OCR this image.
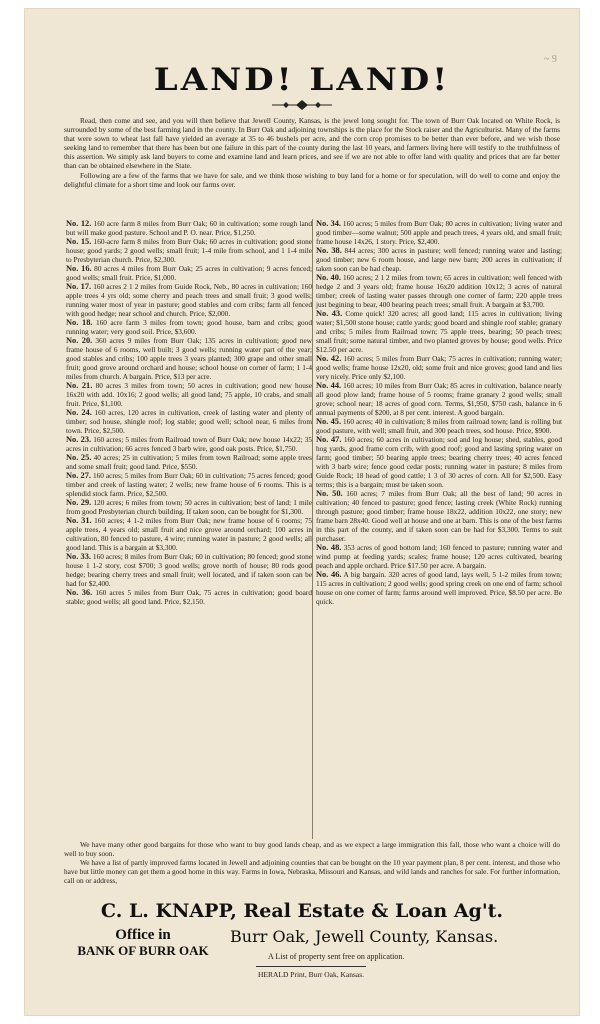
~ 9
LAND! LAND!

Read, then come and see, and you will then believe that Jewell County, Kansas, is the jewel long sought for. The town of Burr Oak located on White Rock, is surrounded by some of the best farming land in the county. In Burr Oak and adjoining townships is the place for the Stock raiser and the Agriculturist. Many of the farms that were sown to wheat last fall have yielded an average at 35 to 46 bushels per acre, and the corn crop promises to be better than ever before, and we wish those seeking land to remember that there has been but one failure in this part of the county during the last 10 years, and farmers living here will testify to the truthfulness of this assertion. We simply ask land buyers to come and examine land and learn prices, and see if we are not able to offer land with quality and prices that are far better than can be obtained elsewhere in the State.

Following are a few of the farms that we have for sale, and we think those wishing to buy land for a home or for speculation, will do well to come and enjoy the delightful climate for a short time and look our farms over.

No. 12. 160 acre farm 8 miles from Burr Oak; 60 in cultivation; some rough land but will make good pasture. School and P. O. near. Price, $1,250.

No. 15. 160-acre farm 8 miles from Burr Oak; 60 acres in cultivation; good stone house; good yards; 2 good wells; small fruit; 1-4 mile from school, and 1 1-4 mile to Presbyterian church. Price, $2,300.

No. 16. 80 acres 4 miles from Burr Oak; 25 acres in cultivation; 9 acres fenced; good wells; small fruit. Price, $1,000.

No. 17. 160 acres 2 1 2 miles from Guide Rock, Neb., 80 acres in cultivation; 160 apple trees 4 yrs old; some cherry and peach trees and small fruit; 3 good wells; running water most of year in pasture; good stables and corn cribs; farm all fenced with good hedge; near school and church. Price, $2,000.

No. 18. 160 acre farm 3 miles from town; good house, barn and cribs; good running water; very good soil. Price, $3,600.

No. 20. 360 acres 9 miles from Burr Oak; 135 acres in cultivation; good new frame house of 6 rooms, well built; 3 good wells; running water part of the year; good stables and cribs; 100 apple trees 3 years planted; 300 grape and other small fruit; good grove around orchard and house; school house on corner of farm; 1 1-4 miles from church. A bargain. Price, $13 per acre.

No. 21. 80 acres 3 miles from town; 50 acres in cultivation; good new house 16x20 with add. 10x16; 2 good wells; all good land; 75 apple, 10 crabs, and small fruit. Price, $1,100.

No. 24. 160 acres, 120 acres in cultivation, creek of lasting water and plenty of timber; sod house, shingle roof; log stable; good well; school near, 6 miles from town. Price, $2,500.

No. 23. 160 acres; 5 miles from Railroad town of Burr Oak; new house 14x22; 35 acres in cultivation; 66 acres fenced 3 barb wire, good oak posts. Price, $1,750.

No. 25. 40 acres; 25 in cultivation; 5 miles from town Railroad; some apple trees and some small fruit; good land. Price, $550.

No. 27. 160 acres; 5 miles from Burr Oak; 60 in cultivation; 75 acres fenced; good timber and creek of lasting water; 2 wells; new frame house of 6 rooms. This is a splendid stock farm. Price, $2,500.

No. 29. 120 acres; 6 miles from town; 50 acres in cultivation; best of land; 1 mile from good Presbyterian church building. If taken soon, can be bought for $1,300.

No. 31. 160 acres; 4 1-2 miles from Burr Oak; new frame house of 6 rooms; 75 apple trees, 4 years old; small fruit and nice grove around orchard; 100 acres in cultivation, 80 fenced to pasture, 4 wire; running water in pasture; 2 good wells; all good land. This is a bargain at $3,300.

No. 33. 160 acres; 8 miles from Burr Oak; 60 in cultivation; 80 fenced; good stone house 1 1-2 story, cost $700; 3 good wells; grove north of house; 80 rods good hedge; bearing cherry trees and small fruit; well located, and if taken soon can be had for $2,400.

No. 36. 160 acres 5 miles from Burr Oak, 75 acres in cultivation; good board stable; good wells; all good land. Price, $2,150.

No. 34. 160 acres; 5 miles from Burr Oak; 80 acres in cultivation; living water and good timber—some walnut; 500 apple and peach trees, 4 years old, and small fruit; frame house 14x26, 1 story. Price, $2,400.

No. 38. 844 acres; 300 acres in pasture; well fenced; running water and lasting; good timber; new 6 room house, and large new barn; 200 acres in cultivation; if taken soon can be had cheap.

No. 40. 160 acres; 2 1 2 miles from town; 65 acres in cultivation; well fenced with hedge 2 and 3 years old; frame house 16x20 addition 10x12; 3 acres of natural timber; creek of lasting water passes through one corner of farm; 220 apple trees just begining to bear, 400 bearing peach trees; small fruit. A bargain at $3,700.

No. 43. Come quick! 320 acres; all good land; 115 acres in cultivation; living water; $1,500 stone house; cattle yards; good board and shingle roof stable; granary and cribs; 5 miles from Railroad town; 75 apple trees, bearing; 50 peach trees; small fruit; some natural timber, and two planted groves by house; good wells. Price $12.50 per acre.

No. 42. 160 acres; 5 miles from Burr Oak; 75 acres in cultivation; running water; good wells; frame house 12x20, old; some fruit and nice groves; good land and lies very nicely. Price only $2,100.

No. 44. 160 acres; 10 miles from Burr Oak; 85 acres in cultivation, balance nearly all good plow land; frame house of 5 rooms; frame granary 2 good wells; small grove; school near; 18 acres of good corn. Terms, $1,950, $750 cash, balance in 6 annual payments of $200, at 8 per cent. interest. A good bargain.

No. 45. 160 acres; 40 in cultivation; 8 miles from railroad town; land is rolling but good pasture, with well; small fruit, and 300 peach trees, sod house. Price, $900.

No. 47. 160 acres; 60 acres in cultivation; sod and log house; shed, stables, good hog yards, good frame corn crib, with good roof; good and lasting spring water on farm; good timber; 50 bearing apple trees; bearing cherry trees; 40 acres fenced with 3 barb wire; fence good cedar posts; running water in pasture; 8 miles from Guide Rock; 18 head of good cattle; 1 3 of 30 acres of corn. All for $2,500. Easy terms; this is a bargain; must be taken soon.

No. 50. 160 acres; 7 miles from Burr Oak; all the best of land; 90 acres in cultivation; 40 fenced to pasture; good fence; lasting creek (White Rock) running through pasture; good timber; frame house 18x22, addition 10x22, one story; new frame barn 28x40. Good well at house and one at barn. This is one of the best farms in this part of the county, and if taken soon can be had for $3,300. Terms to suit purchaser.

No. 48. 353 acres of good bottom land; 160 fenced to pasture; running water and wind pump at feeding yards; scales; frame house; 120 acres cultivated, bearing peach and apple orchard. Price $17.50 per acre. A bargain.

No. 46. A big bargain. 320 acres of good land, lays well, 5 1-2 miles from town; 115 acres in cultivation; 2 good wells; good spring creek on one end of farm; school house on one corner of farm; farms around well improved. Price, $8.50 per acre. Be quick.

We have many other good bargains for those who want to buy good lands cheap, and as we expect a large immigration this fall, those who want a choice will do well to buy soon.

We have a list of partly improved farms located in Jewell and adjoining counties that can be bought on the 10 year payment plan, 8 per cent. interest, and those who have but little money can get them a good home in this way. Farms in Iowa, Nebraska, Missouri and Kansas, and wild lands and ranches for sale. For further information, call on or address,

C. L. KNAPP, Real Estate & Loan Ag't.
Office in
BANK OF BURR OAK
Burr Oak, Jewell County, Kansas.
A List of property sent free on application.
HERALD Print, Burr Oak, Kansas.
